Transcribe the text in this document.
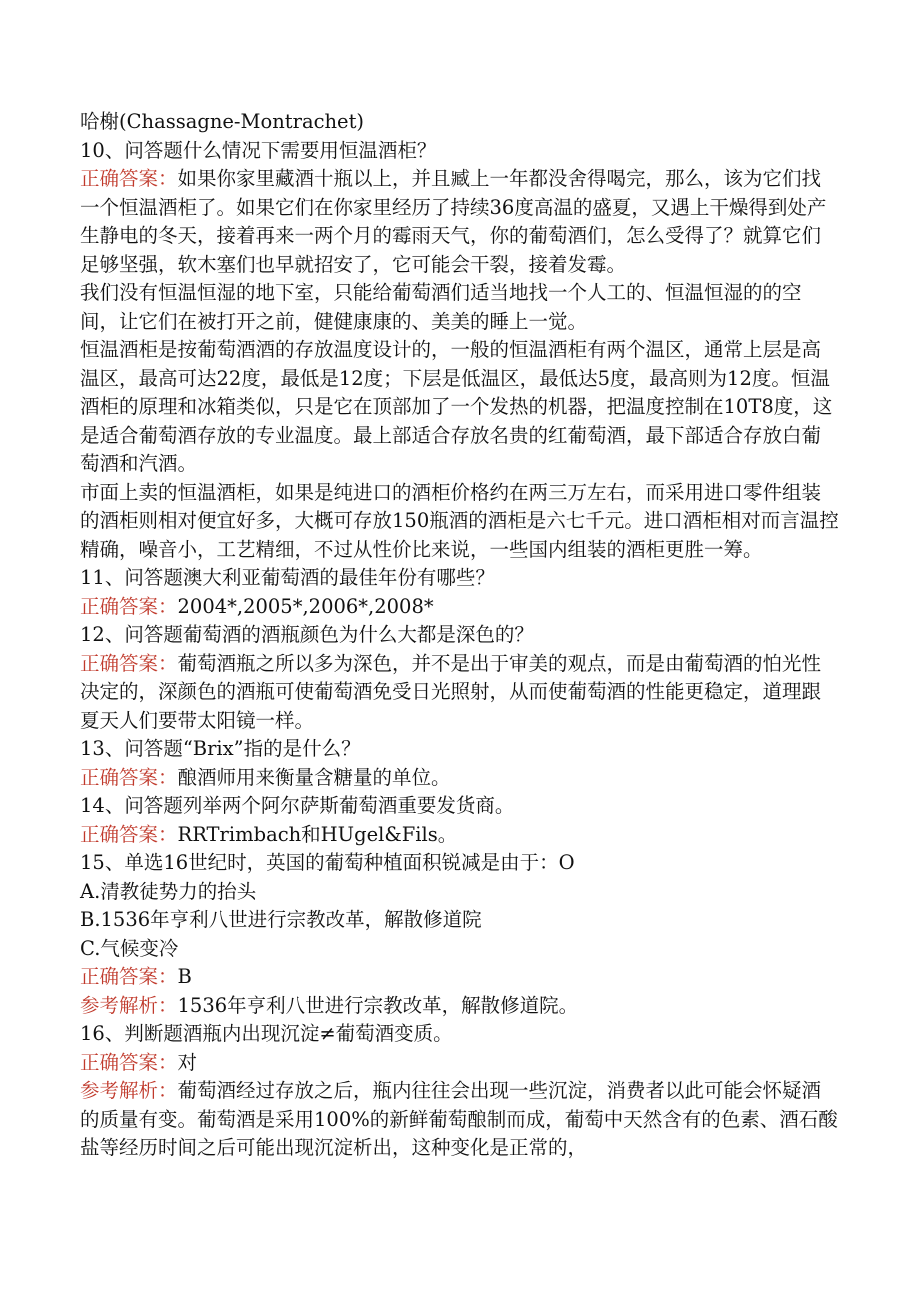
哈榭(Chassagne-Montrachet)
10、问答题什么情况下需要用恒温酒柜？
正确答案：如果你家里藏酒十瓶以上，并且臧上一年都没舍得喝完，那么，该为它们找一个恒温酒柜了。如果它们在你家里经历了持续36度高温的盛夏，又遇上干燥得到处产生静电的冬天，接着再来一两个月的霉雨天气，你的葡萄酒们，怎么受得了？就算它们足够坚强，软木塞们也早就招安了，它可能会干裂，接着发霉。
我们没有恒温恒湿的地下室，只能给葡萄酒们适当地找一个人工的、恒温恒湿的的空间，让它们在被打开之前，健健康康的、美美的睡上一觉。
恒温酒柜是按葡萄酒酒的存放温度设计的，一般的恒温酒柜有两个温区，通常上层是高温区，最高可达22度，最低是12度；下层是低温区，最低达5度，最高则为12度。恒温酒柜的原理和冰箱类似，只是它在顶部加了一个发热的机器，把温度控制在10T8度，这是适合葡萄酒存放的专业温度。最上部适合存放名贵的红葡萄酒，最下部适合存放白葡萄酒和汽酒。
市面上卖的恒温酒柜，如果是纯进口的酒柜价格约在两三万左右，而采用进口零件组装的酒柜则相对便宜好多，大概可存放150瓶酒的酒柜是六七千元。进口酒柜相对而言温控精确，噪音小，工艺精细，不过从性价比来说，一些国内组装的酒柜更胜一筹。
11、问答题澳大利亚葡萄酒的最佳年份有哪些？
正确答案：2004*,2005*,2006*,2008*
12、问答题葡萄酒的酒瓶颜色为什么大都是深色的？
正确答案：葡萄酒瓶之所以多为深色，并不是出于审美的观点，而是由葡萄酒的怕光性决定的，深颜色的酒瓶可使葡萄酒免受日光照射，从而使葡萄酒的性能更稳定，道理跟夏天人们要带太阳镜一样。
13、问答题“Brix”指的是什么？
正确答案：酿酒师用来衡量含糖量的单位。
14、问答题列举两个阿尔萨斯葡萄酒重要发货商。
正确答案：RRTrimbach和HUgel&Fils。
15、单选16世纪时，英国的葡萄种植面积锐减是由于：O
A.清教徒势力的抬头
B.1536年亨利八世进行宗教改革，解散修道院
C.气候变冷
正确答案：B
参考解析：1536年亨利八世进行宗教改革，解散修道院。
16、判断题酒瓶内出现沉淀≠葡萄酒变质。
正确答案：对
参考解析：葡萄酒经过存放之后，瓶内往往会出现一些沉淀，消费者以此可能会怀疑酒的质量有变。葡萄酒是采用100%的新鲜葡萄酿制而成，葡萄中天然含有的色素、酒石酸盐等经历时间之后可能出现沉淀析出，这种变化是正常的，
